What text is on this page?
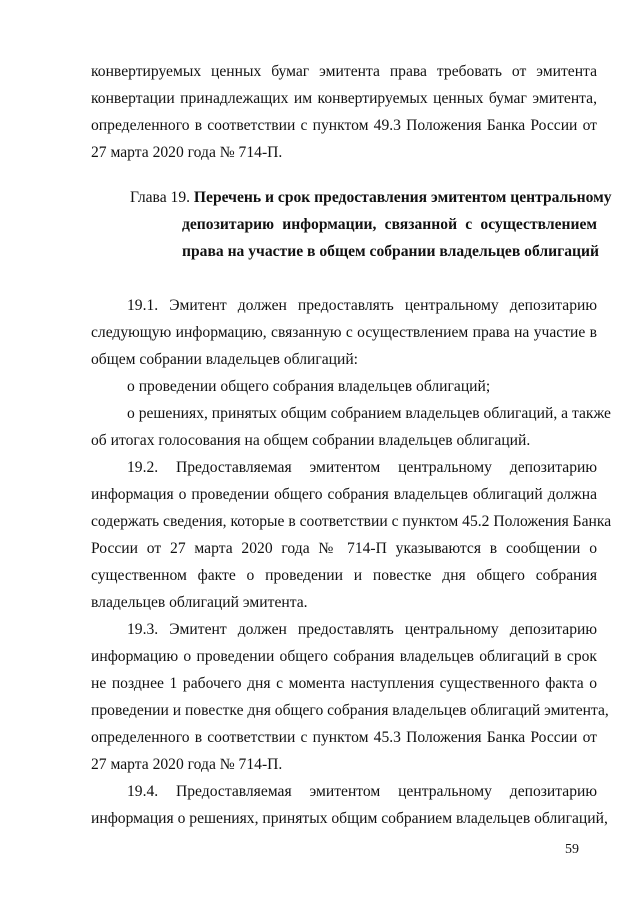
конвертируемых ценных бумаг эмитента права требовать от эмитента
конвертации принадлежащих им конвертируемых ценных бумаг эмитента,
определенного в соответствии с пунктом 49.3 Положения Банка России от
27 марта 2020 года № 714-П.
Глава 19. Перечень и срок предоставления эмитентом центральному
депозитарию информации, связанной с осуществлением
права на участие в общем собрании владельцев облигаций
19.1. Эмитент должен предоставлять центральному депозитарию
следующую информацию, связанную с осуществлением права на участие в
общем собрании владельцев облигаций:
о проведении общего собрания владельцев облигаций;
о решениях, принятых общим собранием владельцев облигаций, а также
об итогах голосования на общем собрании владельцев облигаций.
19.2. Предоставляемая эмитентом центральному депозитарию
информация о проведении общего собрания владельцев облигаций должна
содержать сведения, которые в соответствии с пунктом 45.2 Положения Банка
России от 27 марта 2020 года № 714-П указываются в сообщении о
существенном факте о проведении и повестке дня общего собрания
владельцев облигаций эмитента.
19.3. Эмитент должен предоставлять центральному депозитарию
информацию о проведении общего собрания владельцев облигаций в срок
не позднее 1 рабочего дня с момента наступления существенного факта о
проведении и повестке дня общего собрания владельцев облигаций эмитента,
определенного в соответствии с пунктом 45.3 Положения Банка России от
27 марта 2020 года № 714-П.
19.4. Предоставляемая эмитентом центральному депозитарию
информация о решениях, принятых общим собранием владельцев облигаций,
59
